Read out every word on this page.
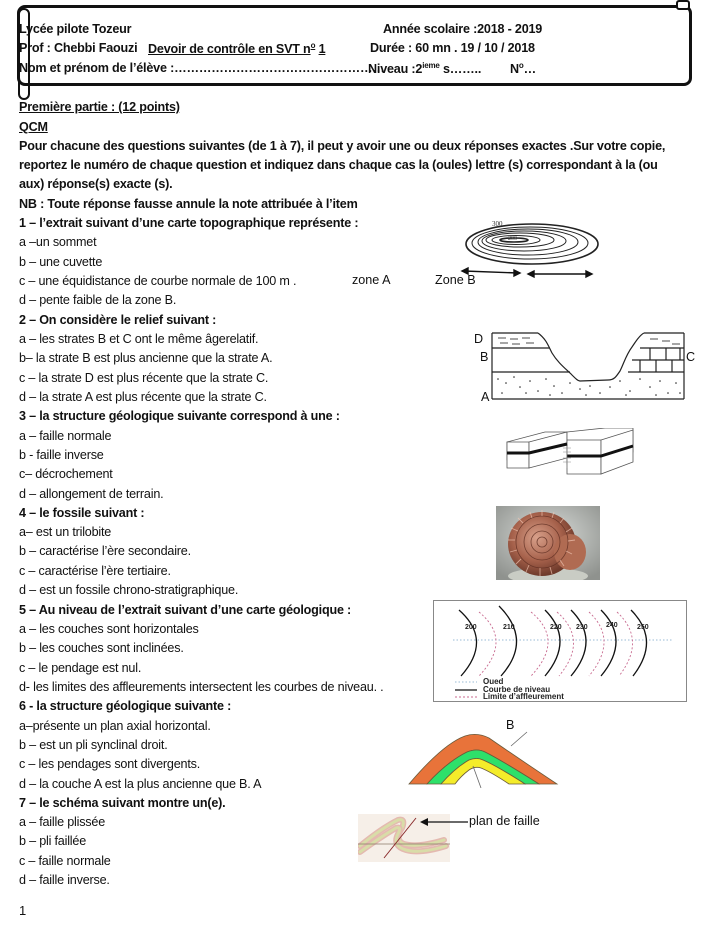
Lycée pilote Tozeur	Année scolaire :2018 - 2019
Prof : Chebbi Faouzi Devoir de contrôle en SVT $n^o$ 1	Durée : 60 mn . 19 / 10 / 2018
Nom et prénom de l’élève :……………………………………………
Niveau :2ieme s…….. $N^o\dots$
Première partie : (12 points)
QCM
Pour chacune des questions suivantes (de 1 à 7), il peut y avoir une ou deux réponses exactes .Sur votre copie,
reportez le numéro de chaque question et indiquez dans chaque cas la (oules) lettre (s) correspondant à la (ou
aux) réponse(s) exacte (s).
NB : Toute réponse fausse annule la note attribuée à l’item
1 – l’extrait suivant d’une carte topographique représente :
a –un sommet
b – une cuvette
c – une équidistance de courbe normale de 100 m .	zone A	Zone B
d – pente faible de la zone B.
300
200
2 – On considère le relief suivant :
a – les strates B et C ont le même âgerelatif.
b– la strate B est plus ancienne que la strate A.
c – la strate D est plus récente que la strate C.
d – la strate A est plus récente que la strate C.
D
B
A
C
3 – la structure géologique suivante correspond à une :
a – faille normale
b - faille inverse
c– décrochement
d – allongement de terrain.
4 – le fossile suivant :
a– est un trilobite
b – caractérise l’ère secondaire.
c – caractérise l’ère tertiaire.
d – est un fossile chrono-stratigraphique.
5 – Au niveau de l’extrait suivant d’une carte géologique :
a – les couches sont horizontales
b – les couches sont inclinées.
c – le pendage est nul.
d- les limites des affleurements intersectent les courbes de niveau. .
200	210	220 230	240	250
Oued
Courbe de niveau
Limite d’affleurement
6 - la structure géologique suivante :
a–présente un plan axial horizontal.
b – est un pli synclinal droit.
c – les pendages sont divergents.
d – la couche A est la plus ancienne que B. A
B
7 – le schéma suivant montre un(e).
a – faille plissée
b – pli faillée
c – faille normale
d – faille inverse.
plan de faille
1
